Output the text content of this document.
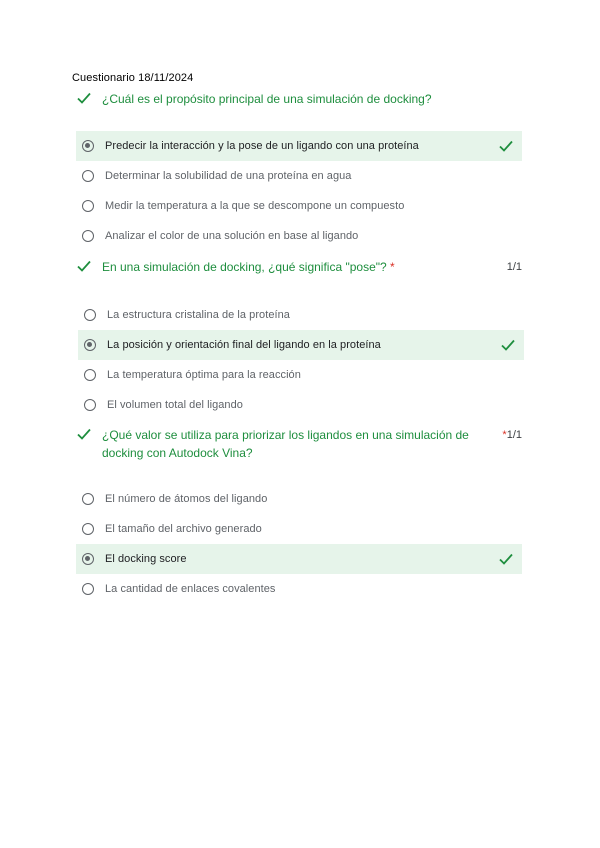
Cuestionario 18/11/2024
¿Cuál es el propósito principal de una simulación de docking?
Predecir la interacción y la pose de un ligando con una proteína
Determinar la solubilidad de una proteína en agua
Medir la temperatura a la que se descompone un compuesto
Analizar el color de una solución en base al ligando
En una simulación de docking, ¿qué significa "pose"? *	1/1
La estructura cristalina de la proteína
La posición y orientación final del ligando en la proteína
La temperatura óptima para la reacción
El volumen total del ligando
¿Qué valor se utiliza para priorizar los ligandos en una simulación de docking con Autodock Vina?
*1/1
El número de átomos del ligando
El tamaño del archivo generado
El docking score
La cantidad de enlaces covalentes
